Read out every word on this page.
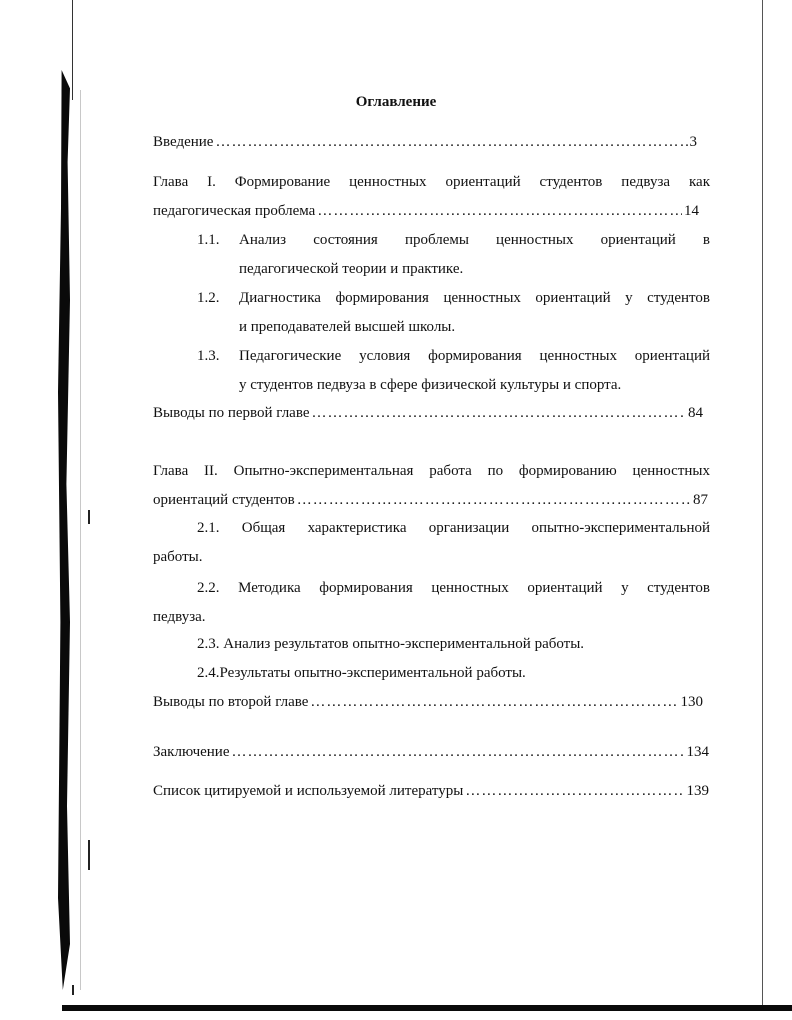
Оглавление
Введение ……………………………………………………………………………………………………………………………………………………………………	3
Глава I. Формирование ценностных ориентаций студентов педвуза как
педагогическая проблема ……………………………………………………………………………………………………………………………………………………………………	14
1.1. Анализ состояния проблемы ценностных ориентаций в
педагогической теории и практике.
1.2. Диагностика формирования ценностных ориентаций у студентов
и преподавателей высшей школы.
1.3. Педагогические условия формирования ценностных ориентаций
у студентов педвуза в сфере физической культуры и спорта.
Выводы по первой главе ……………………………………………………………………………………………………………………………………………………………………	84
Глава II. Опытно-экспериментальная работа по формированию ценностных
ориентаций студентов ……………………………………………………………………………………………………………………………………………………………………	87
2.1. Общая характеристика организации опытно-экспериментальной
работы.
2.2. Методика формирования ценностных ориентаций у студентов
педвуза.
2.3. Анализ результатов опытно-экспериментальной работы.
2.4.Результаты опытно-экспериментальной работы.
Выводы по второй главе ……………………………………………………………………………………………………………………………………………………………………	130
Заключение ……………………………………………………………………………………………………………………………………………………………………	134
Список цитируемой и используемой литературы ……………………………………………………………………………………………………………………………………………………………………	139
